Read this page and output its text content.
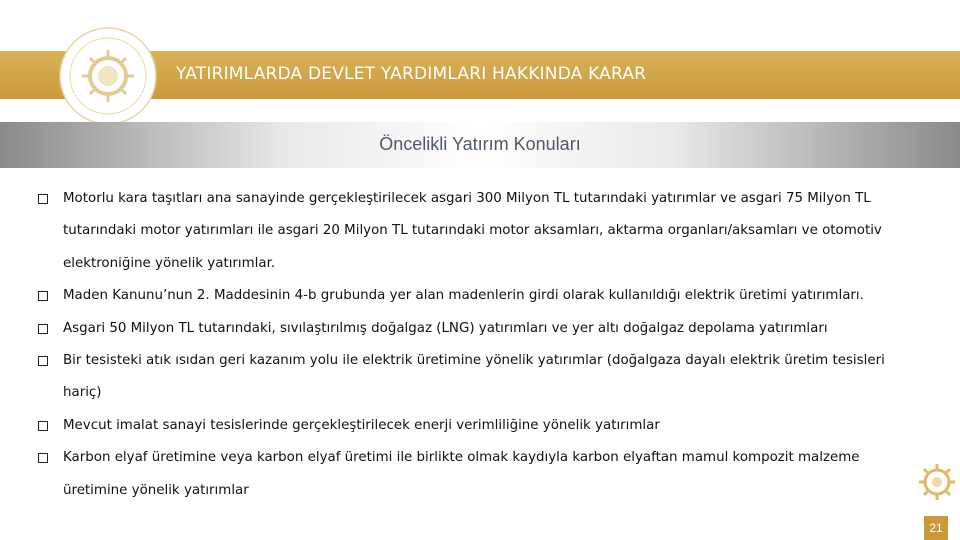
YATIRIMLARDA DEVLET YARDIMLARI HAKKINDA KARAR
Öncelikli Yatırım Konuları
Motorlu kara taşıtları ana sanayinde gerçekleştirilecek asgari 300 Milyon TL tutarındaki yatırımlar ve asgari 75 Milyon TL tutarındaki motor yatırımları ile asgari 20 Milyon TL tutarındaki motor aksamları, aktarma organları/aksamları ve otomotiv elektroniğine yönelik yatırımlar.
Maden Kanunu’nun 2. Maddesinin 4-b grubunda yer alan madenlerin girdi olarak kullanıldığı elektrik üretimi yatırımları.
Asgari 50 Milyon TL tutarındaki, sıvılaştırılmış doğalgaz (LNG) yatırımları ve yer altı doğalgaz depolama yatırımları
Bir tesisteki atık ısıdan geri kazanım yolu ile elektrik üretimine yönelik yatırımlar (doğalgaza dayalı elektrik üretim tesisleri hariç)
Mevcut imalat sanayi tesislerinde gerçekleştirilecek enerji verimliliğine yönelik yatırımlar
Karbon elyaf üretimine veya karbon elyaf üretimi ile birlikte olmak kaydıyla karbon elyaftan mamul kompozit malzeme üretimine yönelik yatırımlar
21
